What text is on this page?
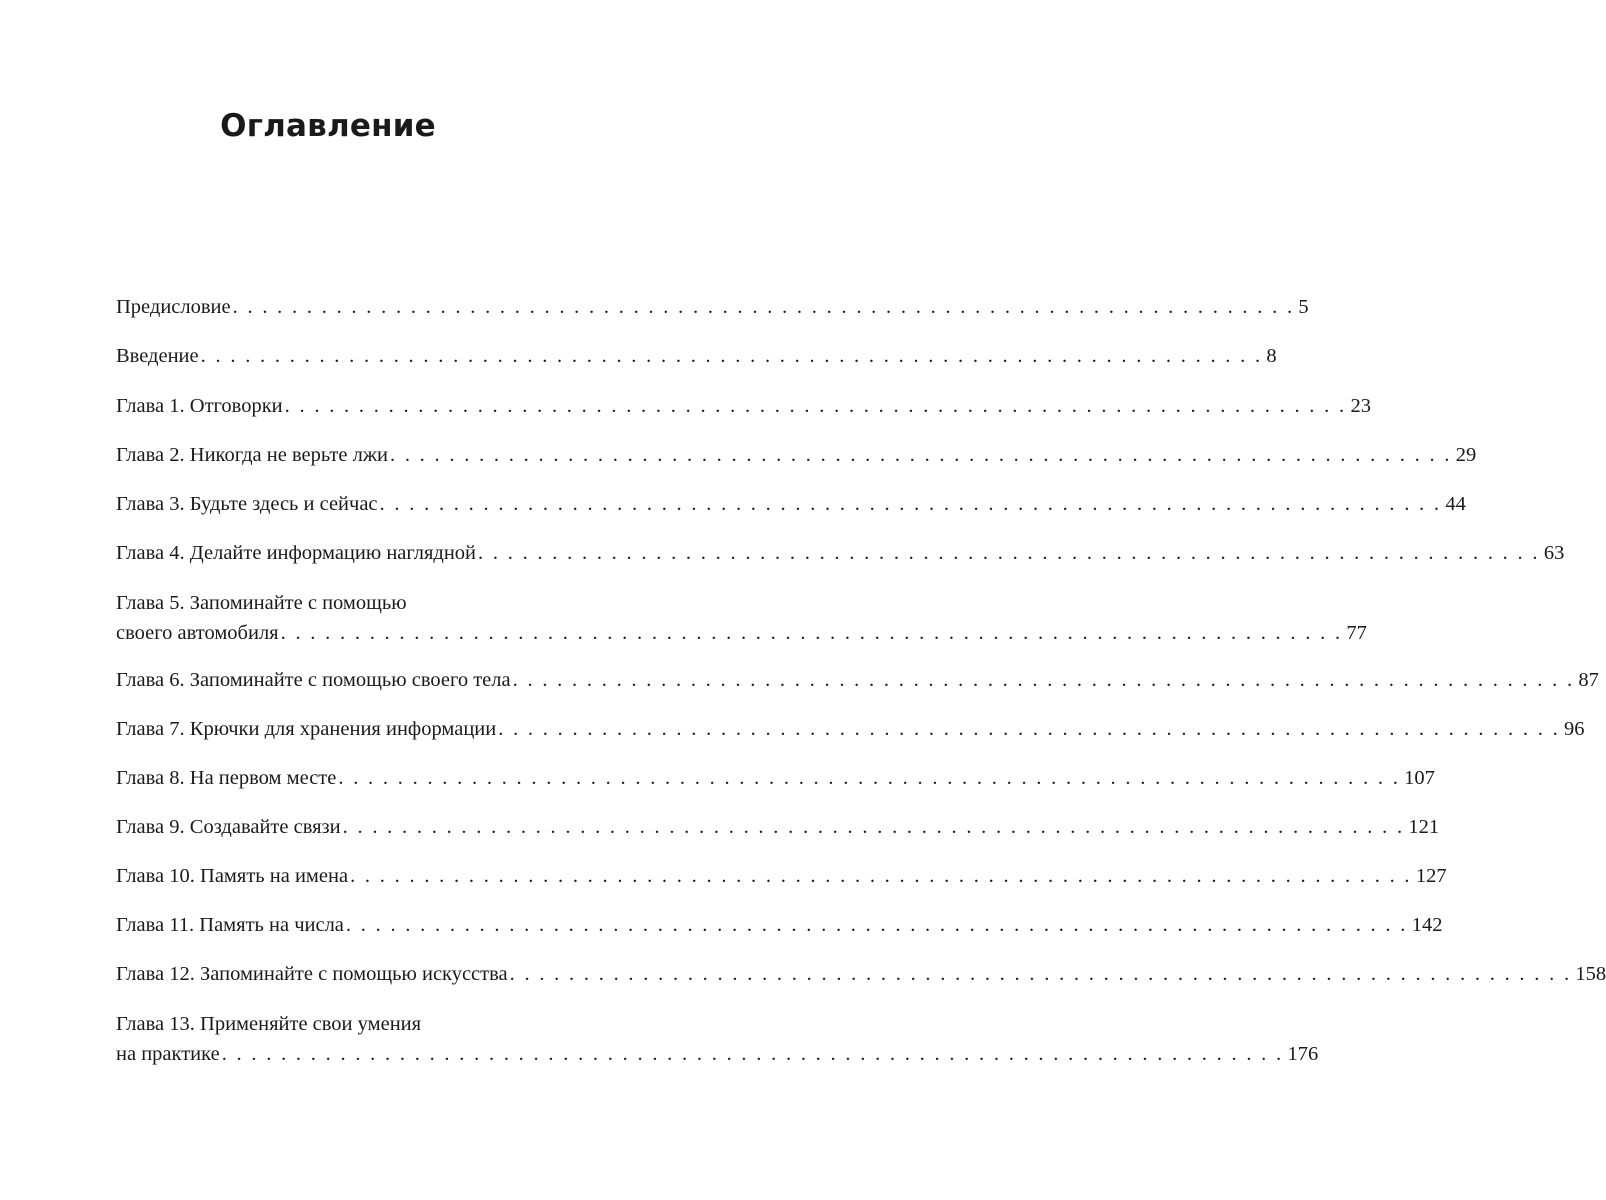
Оглавление
Предисловие . . . . . . . . . . . . . . . . . . . . . . . . . . . . . . . . . . . . . . . . . . . . . . . . . . . . . . . . . . . . . . . . . . . . . . . . 5
Введение . . . . . . . . . . . . . . . . . . . . . . . . . . . . . . . . . . . . . . . . . . . . . . . . . . . . . . . . . . . . . . . . . . . . . . . . 8
Глава 1. Отговорки . . . . . . . . . . . . . . . . . . . . . . . . . . . . . . . . . . . . . . . . . . . . . . . . . . . . . . . . . . . . . . . . . . . . . . . . 23
Глава 2. Никогда не верьте лжи . . . . . . . . . . . . . . . . . . . . . . . . . . . . . . . . . . . . . . . . . . . . . . . . . . . . . . . . . . . . . . . . . . . . . . . . 29
Глава 3. Будьте здесь и сейчас . . . . . . . . . . . . . . . . . . . . . . . . . . . . . . . . . . . . . . . . . . . . . . . . . . . . . . . . . . . . . . . . . . . . . . . . 44
Глава 4. Делайте информацию наглядной . . . . . . . . . . . . . . . . . . . . . . . . . . . . . . . . . . . . . . . . . . . . . . . . . . . . . . . . . . . . . . . . . . . . . . . . 63
Глава 5. Запоминайте с помощью
своего автомобиля . . . . . . . . . . . . . . . . . . . . . . . . . . . . . . . . . . . . . . . . . . . . . . . . . . . . . . . . . . . . . . . . . . . . . . . . 77
Глава 6. Запоминайте с помощью своего тела . . . . . . . . . . . . . . . . . . . . . . . . . . . . . . . . . . . . . . . . . . . . . . . . . . . . . . . . . . . . . . . . . . . . . . . . 87
Глава 7. Крючки для хранения информации . . . . . . . . . . . . . . . . . . . . . . . . . . . . . . . . . . . . . . . . . . . . . . . . . . . . . . . . . . . . . . . . . . . . . . . . 96
Глава 8. На первом месте . . . . . . . . . . . . . . . . . . . . . . . . . . . . . . . . . . . . . . . . . . . . . . . . . . . . . . . . . . . . . . . . . . . . . . . . 107
Глава 9. Создавайте связи . . . . . . . . . . . . . . . . . . . . . . . . . . . . . . . . . . . . . . . . . . . . . . . . . . . . . . . . . . . . . . . . . . . . . . . . 121
Глава 10. Память на имена . . . . . . . . . . . . . . . . . . . . . . . . . . . . . . . . . . . . . . . . . . . . . . . . . . . . . . . . . . . . . . . . . . . . . . . . 127
Глава 11. Память на числа . . . . . . . . . . . . . . . . . . . . . . . . . . . . . . . . . . . . . . . . . . . . . . . . . . . . . . . . . . . . . . . . . . . . . . . . 142
Глава 12. Запоминайте с помощью искусства . . . . . . . . . . . . . . . . . . . . . . . . . . . . . . . . . . . . . . . . . . . . . . . . . . . . . . . . . . . . . . . . . . . . . . . . 158
Глава 13. Применяйте свои умения
на практике . . . . . . . . . . . . . . . . . . . . . . . . . . . . . . . . . . . . . . . . . . . . . . . . . . . . . . . . . . . . . . . . . . . . . . . . 176
